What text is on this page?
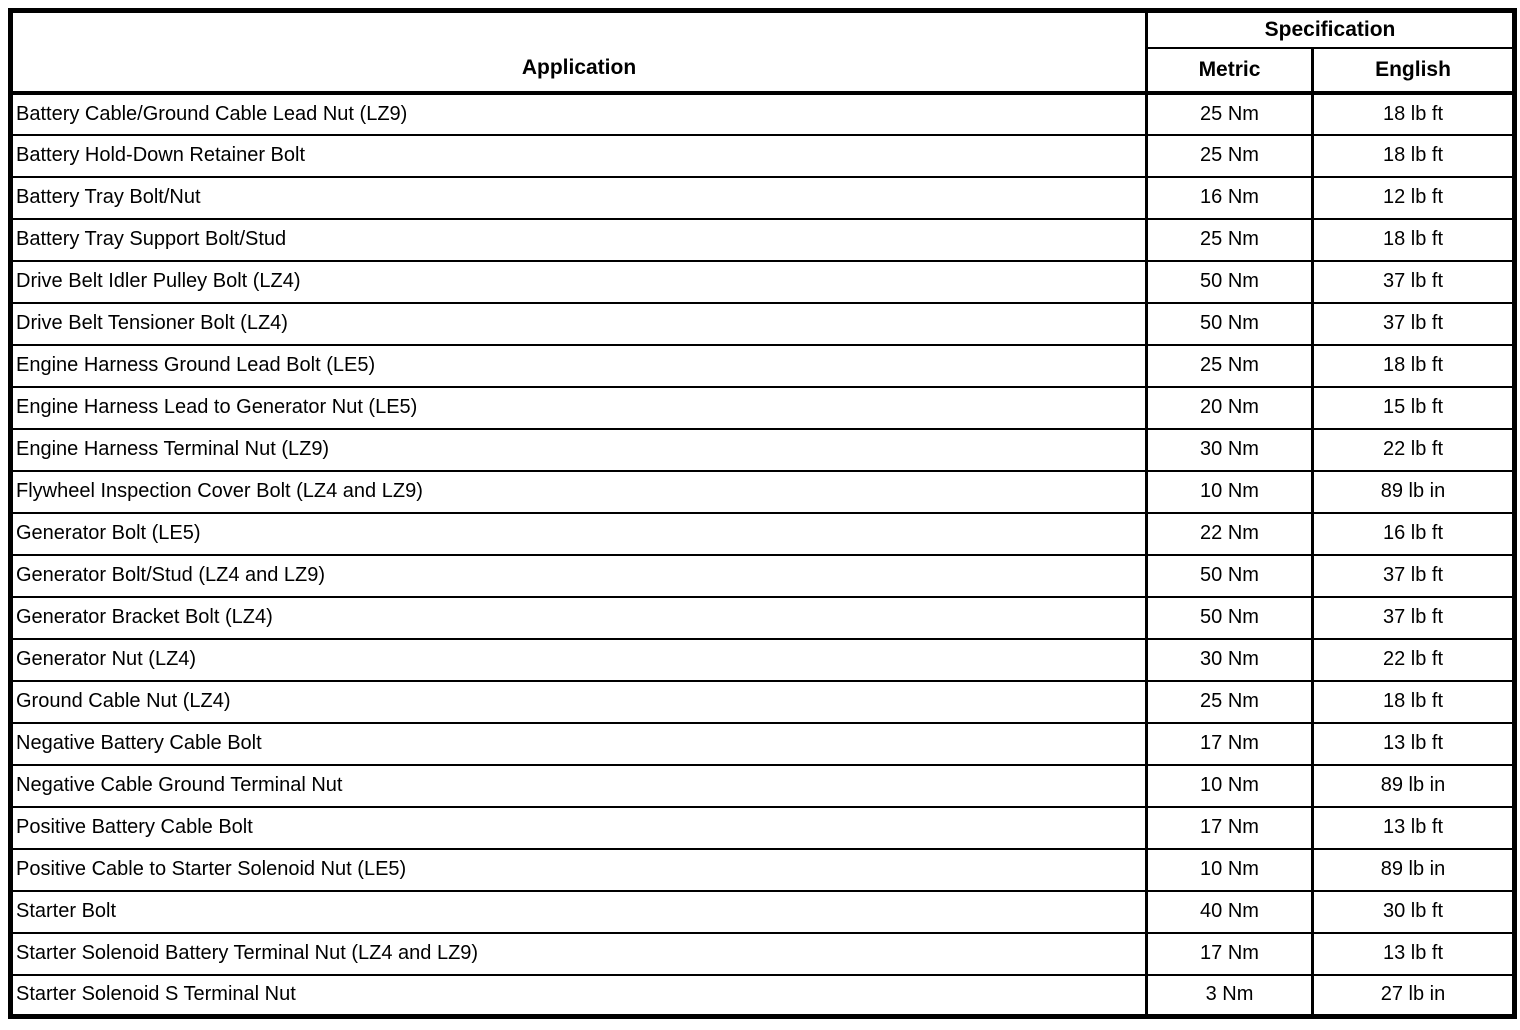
Application	Specification	
	Metric	English
Battery Cable/Ground Cable Lead Nut (LZ9)	25 Nm	18 lb ft
Battery Hold-Down Retainer Bolt	25 Nm	18 lb ft
Battery Tray Bolt/Nut	16 Nm	12 lb ft
Battery Tray Support Bolt/Stud	25 Nm	18 lb ft
Drive Belt Idler Pulley Bolt (LZ4)	50 Nm	37 lb ft
Drive Belt Tensioner Bolt (LZ4)	50 Nm	37 lb ft
Engine Harness Ground Lead Bolt (LE5)	25 Nm	18 lb ft
Engine Harness Lead to Generator Nut (LE5)	20 Nm	15 lb ft
Engine Harness Terminal Nut (LZ9)	30 Nm	22 lb ft
Flywheel Inspection Cover Bolt (LZ4 and LZ9)	10 Nm	89 lb in
Generator Bolt (LE5)	22 Nm	16 lb ft
Generator Bolt/Stud (LZ4 and LZ9)	50 Nm	37 lb ft
Generator Bracket Bolt (LZ4)	50 Nm	37 lb ft
Generator Nut (LZ4)	30 Nm	22 lb ft
Ground Cable Nut (LZ4)	25 Nm	18 lb ft
Negative Battery Cable Bolt	17 Nm	13 lb ft
Negative Cable Ground Terminal Nut	10 Nm	89 lb in
Positive Battery Cable Bolt	17 Nm	13 lb ft
Positive Cable to Starter Solenoid Nut (LE5)	10 Nm	89 lb in
Starter Bolt	40 Nm	30 lb ft
Starter Solenoid Battery Terminal Nut (LZ4 and LZ9)	17 Nm	13 lb ft
Starter Solenoid S Terminal Nut	3 Nm	27 lb in
